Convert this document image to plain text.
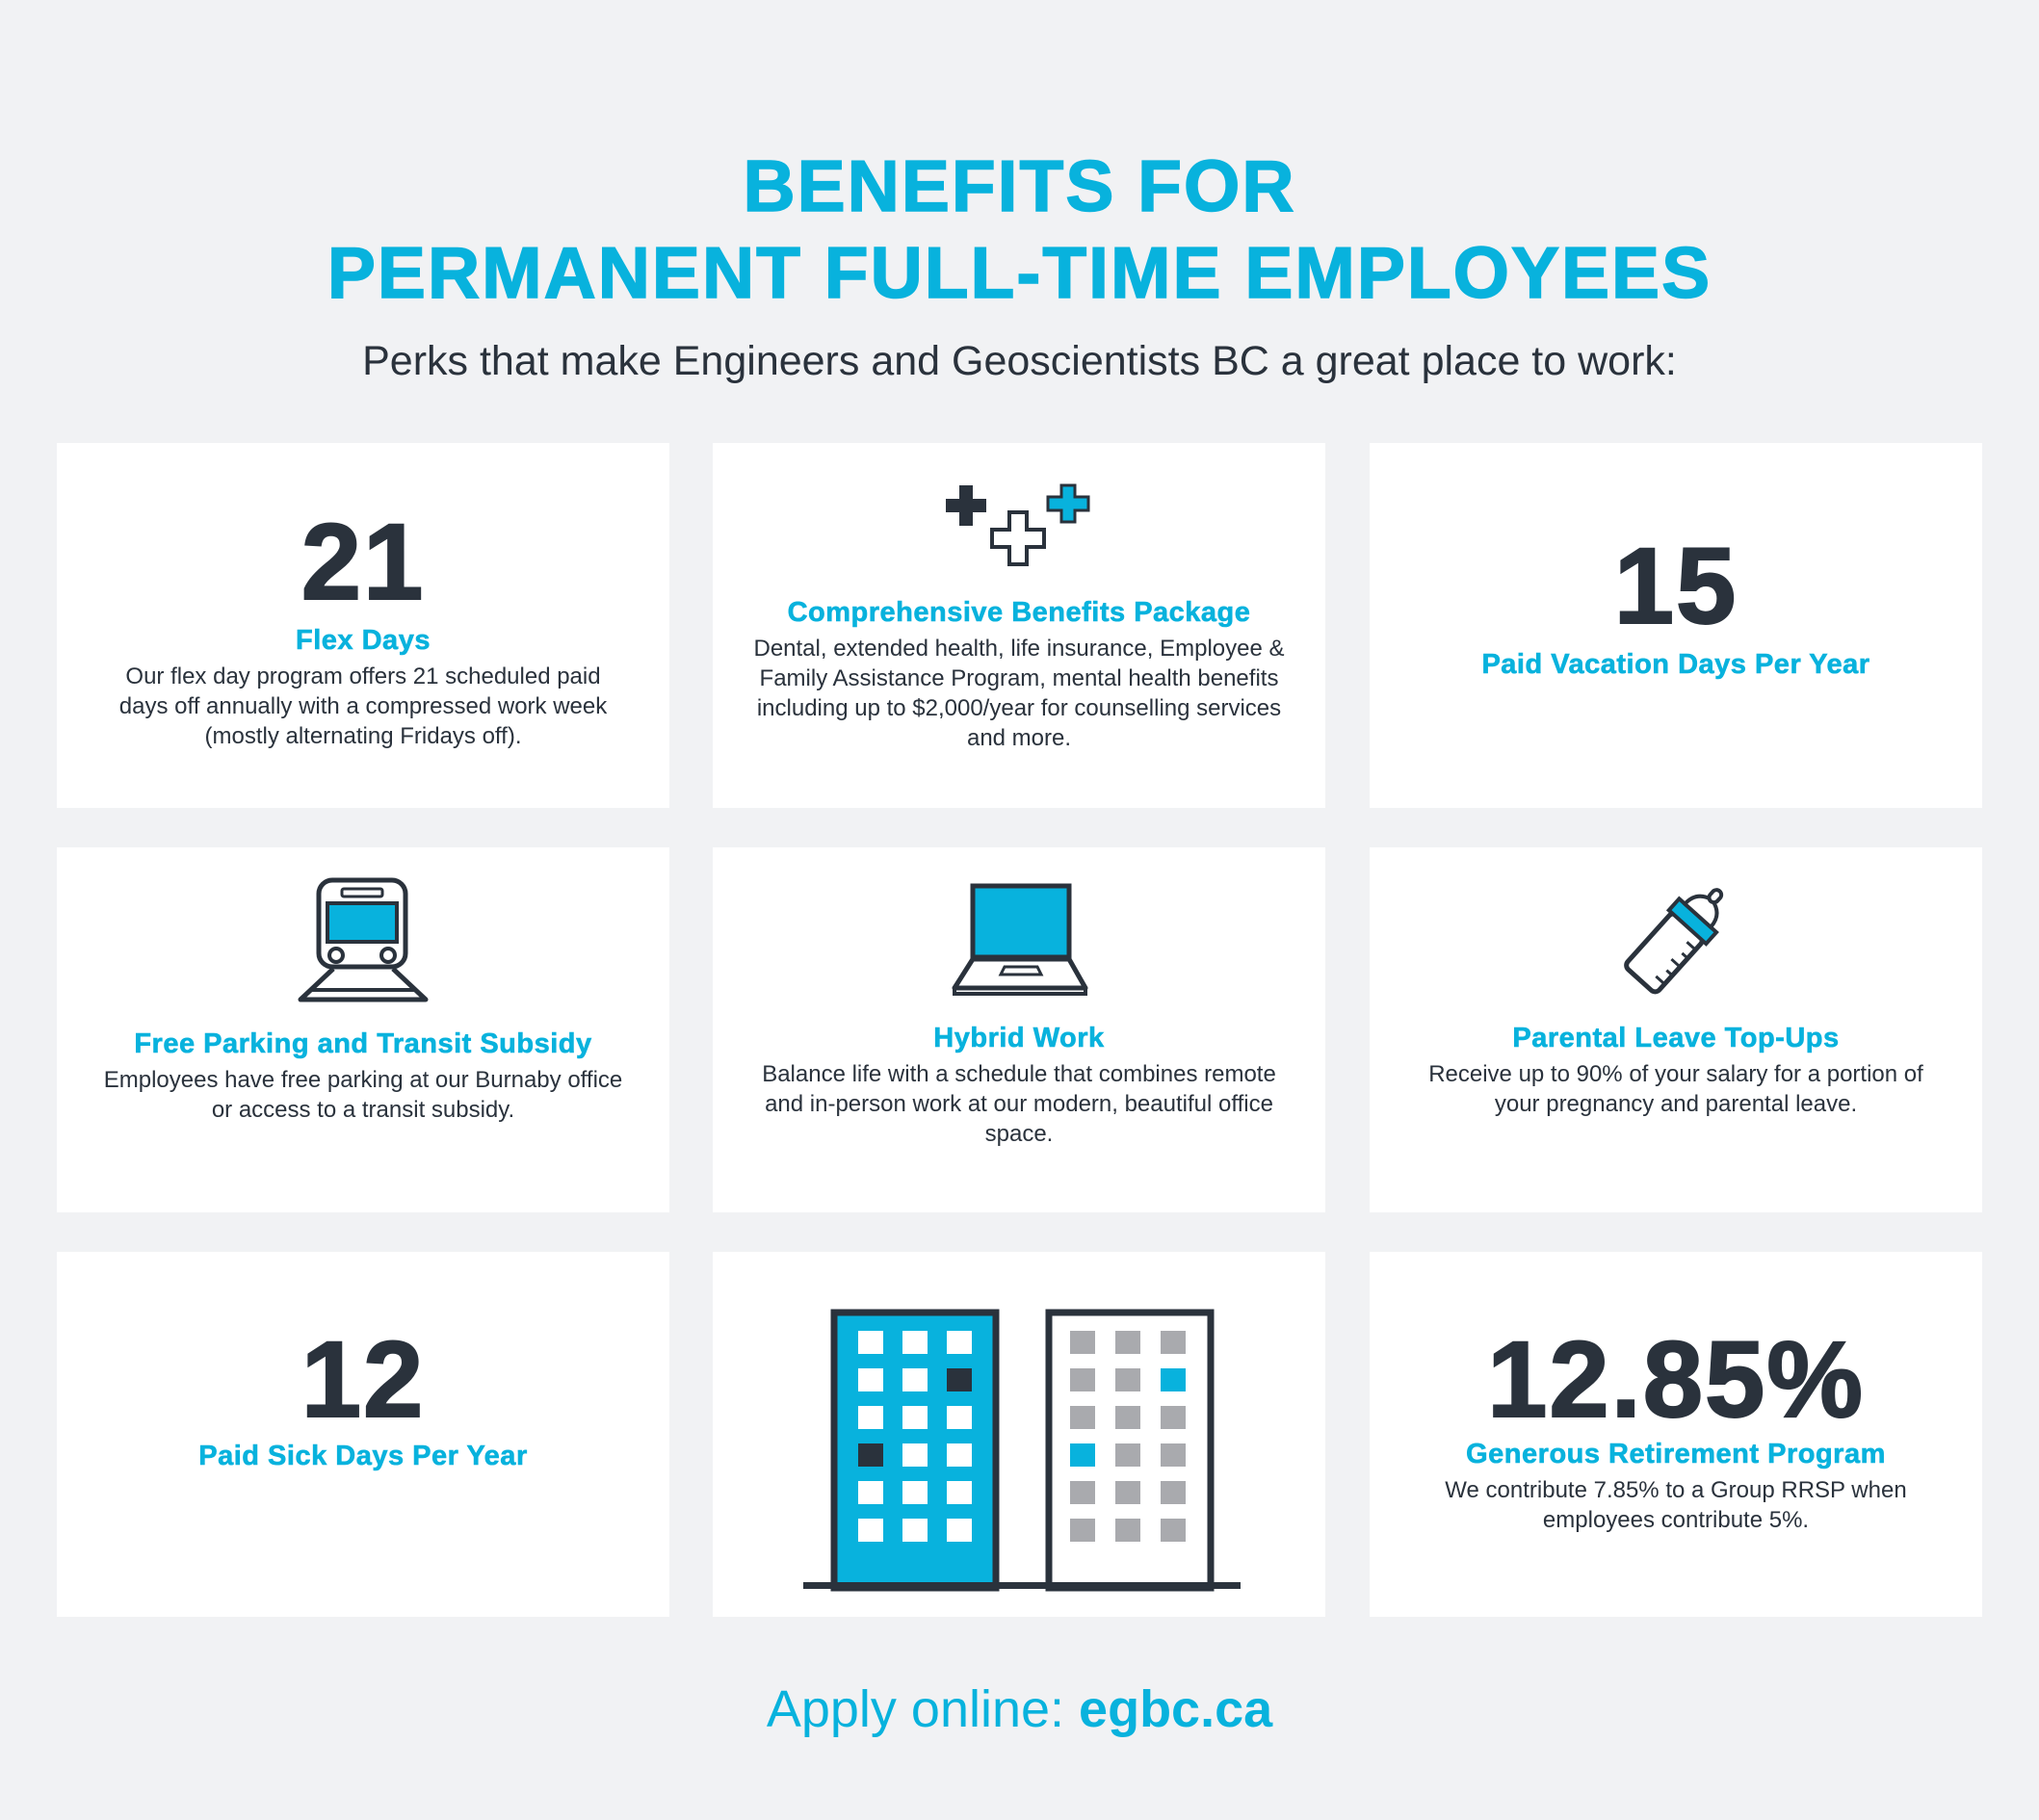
BENEFITS FOR
PERMANENT FULL-TIME EMPLOYEES
Perks that make Engineers and Geoscientists BC a great place to work:
21
Flex Days
Our flex day program offers 21 scheduled paid days off annually with a compressed work week (mostly alternating Fridays off).
Comprehensive Benefits Package
Dental, extended health, life insurance, Employee & Family Assistance Program, mental health benefits including up to $2,000/year for counselling services and more.
15
Paid Vacation Days Per Year
Free Parking and Transit Subsidy
Employees have free parking at our Burnaby office or access to a transit subsidy.
Hybrid Work
Balance life with a schedule that combines remote and in-person work at our modern, beautiful office space.
Parental Leave Top-Ups
Receive up to 90% of your salary for a portion of your pregnancy and parental leave.
12
Paid Sick Days Per Year
12.85%
Generous Retirement Program
We contribute 7.85% to a Group RRSP when employees contribute 5%.
Apply online: egbc.ca
